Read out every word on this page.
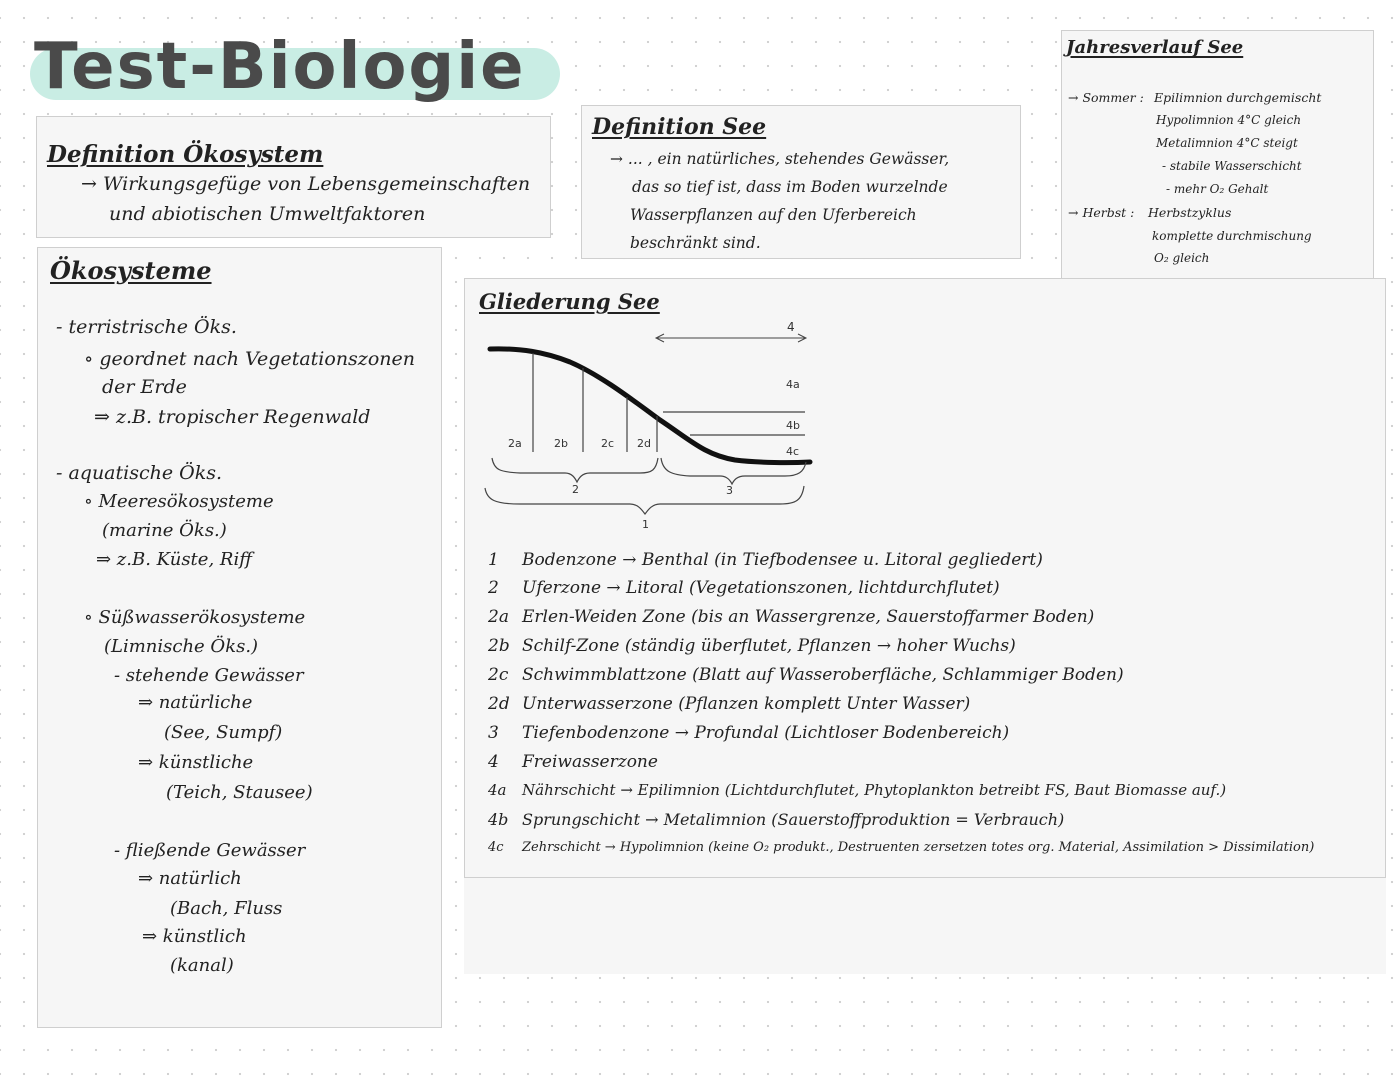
Test-Biologie
Definition Ökosystem
→ Wirkungsgefüge von Lebensgemeinschaften
und abiotischen Umweltfaktoren
Definition See
→ ... , ein natürliches, stehendes Gewässer,
das so tief ist, dass im Boden wurzelnde
Wasserpflanzen auf den Uferbereich
beschränkt sind.
Jahresverlauf See
→ Sommer : Epilimnion durchgemischt
Hypolimnion 4°C gleich
Metalimnion 4°C steigt
- stabile Wasserschicht
- mehr O₂ Gehalt
→ Herbst : Herbstzyklus
komplette durchmischung
O₂ gleich
Ökosysteme
- terristrische Öks.
∘ geordnet nach Vegetationszonen
der Erde
⇒ z.B. tropischer Regenwald
- aquatische Öks.
∘ Meeresökosysteme
(marine Öks.)
⇒ z.B. Küste, Riff
∘ Süßwasserökosysteme
(Limnische Öks.)
- stehende Gewässer
⇒ natürliche
(See, Sumpf)
⇒ künstliche
(Teich, Stausee)
- fließende Gewässer
⇒ natürlich
(Bach, Fluss
⇒ künstlich
(kanal)
Gliederung See
4
4a
4b
4c
2a	2b	2c 2d
2	3
1
1 Bodenzone → Benthal (in Tiefbodensee u. Litoral gegliedert)
2 Uferzone → Litoral (Vegetationszonen, lichtdurchflutet)
2a Erlen-Weiden Zone (bis an Wassergrenze, Sauerstoffarmer Boden)
2b Schilf-Zone (ständig überflutet, Pflanzen → hoher Wuchs)
2c Schwimmblattzone (Blatt auf Wasseroberfläche, Schlammiger Boden)
2d Unterwasserzone (Pflanzen komplett Unter Wasser)
3 Tiefenbodenzone → Profundal (Lichtloser Bodenbereich)
4 Freiwasserzone
4a Nährschicht → Epilimnion (Lichtdurchflutet, Phytoplankton betreibt FS, Baut Biomasse auf.)
4b Sprungschicht → Metalimnion (Sauerstoffproduktion = Verbrauch)
4c Zehrschicht → Hypolimnion (keine O₂ produkt., Destruenten zersetzen totes org. Material, Assimilation > Dissimilation)
